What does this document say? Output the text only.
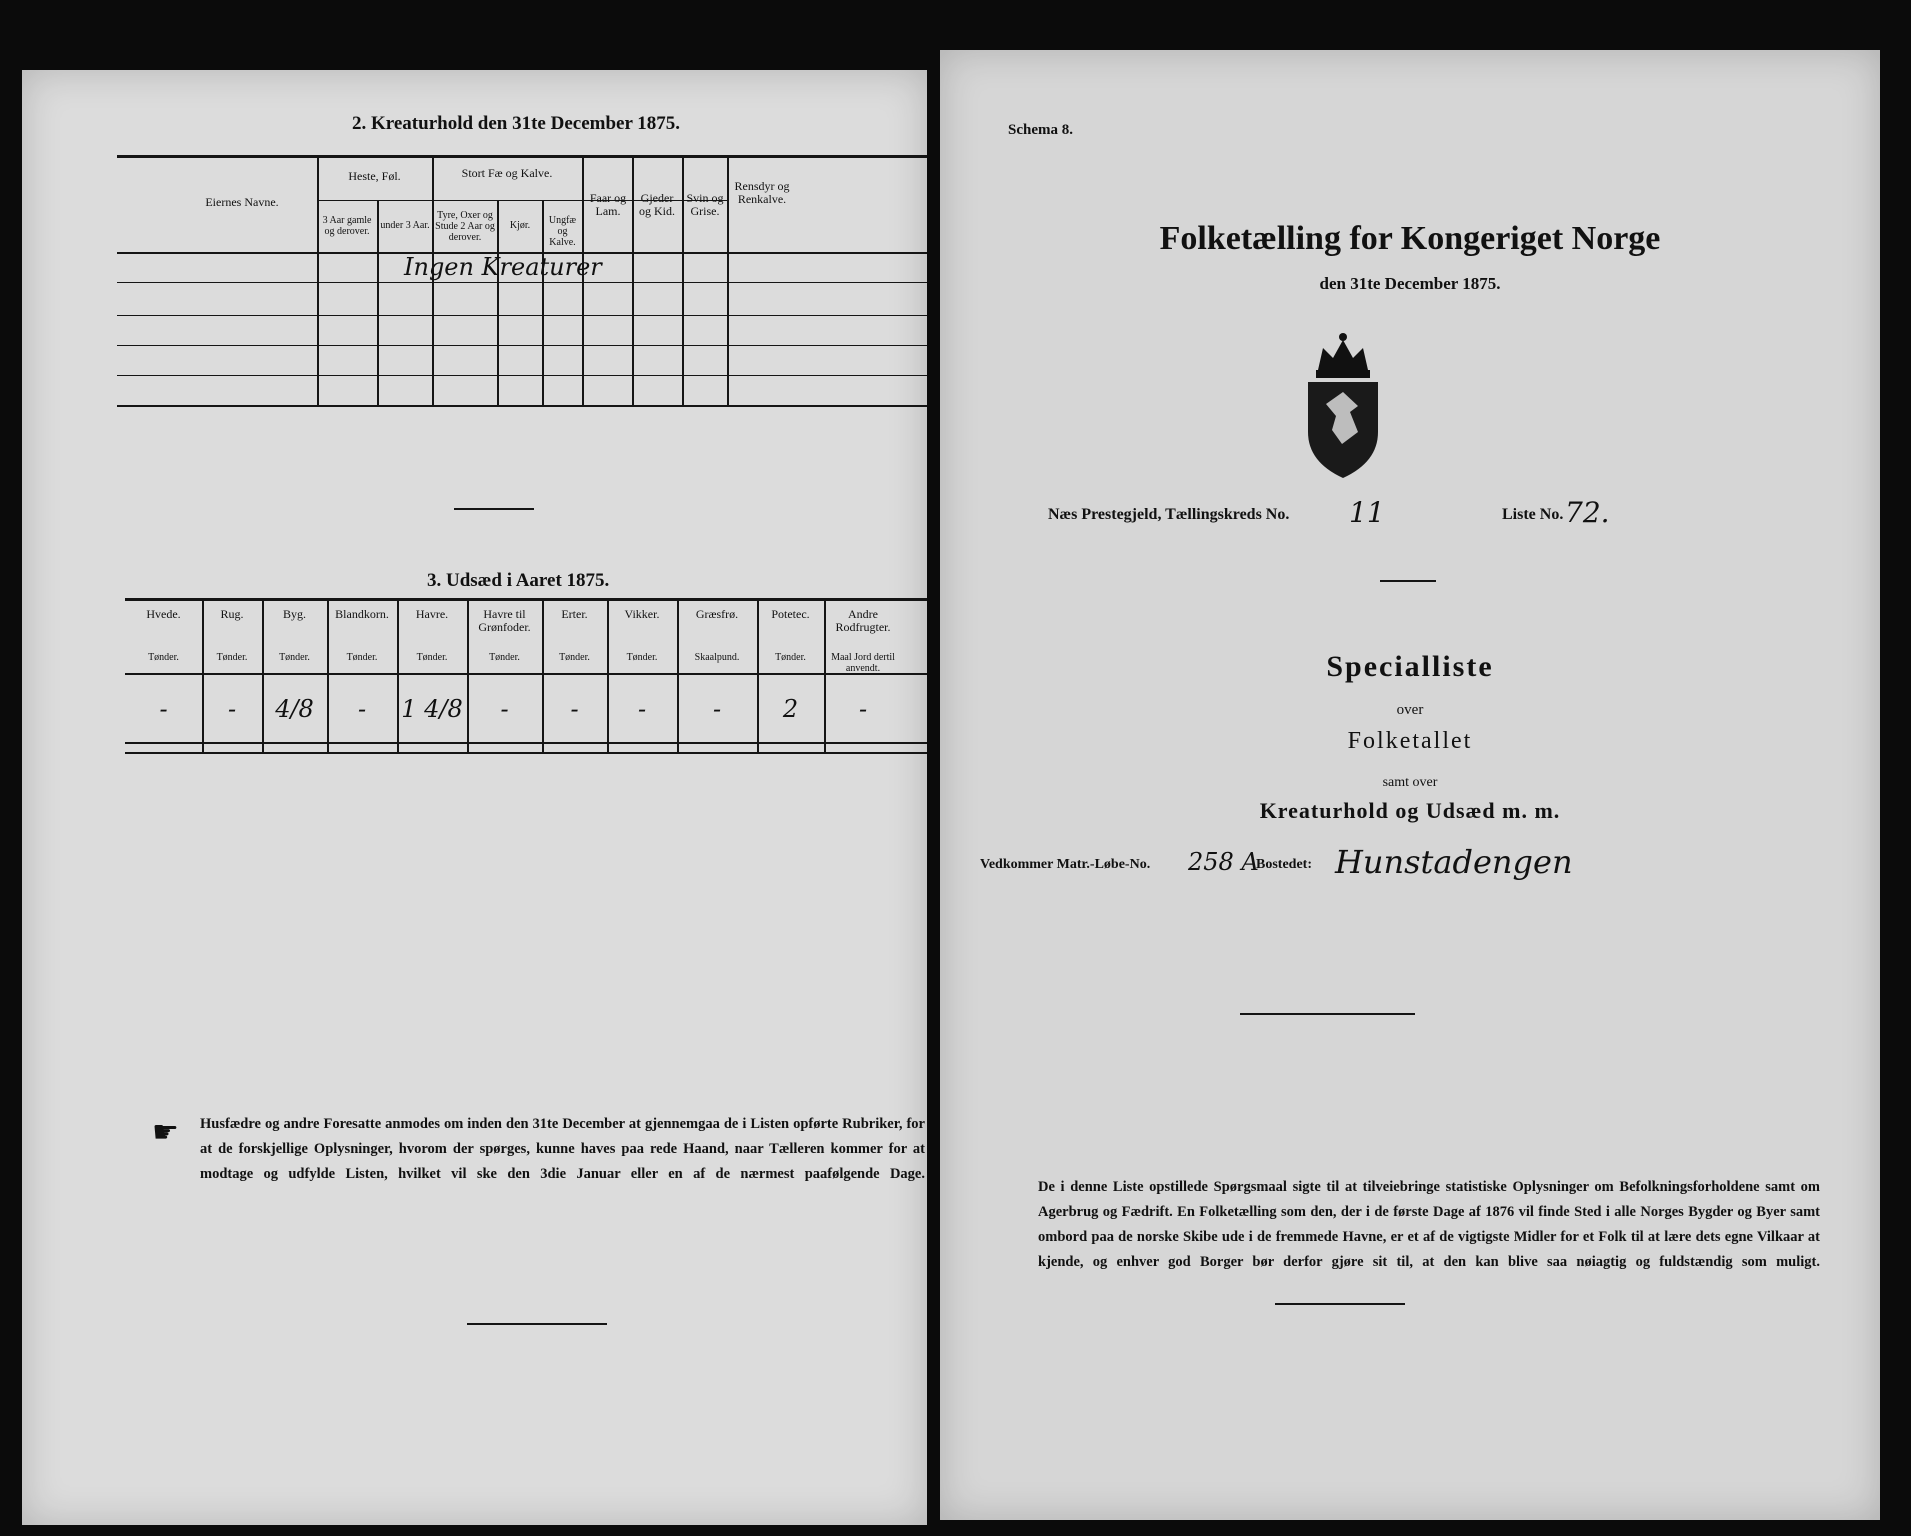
2. Kreaturhold den 31te December 1875.
Eiernes Navne.
Heste, Føl.
3 Aar gamle og derover.
under 3 Aar.
Stort Fæ og Kalve.
Tyre, Oxer og Stude 2 Aar og derover.
Kjør.	Ungfæ og Kalve.
Faar og Lam.
Gjeder og Kid.
Svin og Grise.
Rensdyr og Renkalve.
Ingen Kreaturer
3. Udsæd i Aaret 1875.
Hvede.
Tønder.
-
Rug.
Tønder.
-
Byg.
Tønder.
4/8
Blandkorn.
Tønder.
-
Havre.
Tønder.
1 4/8
Havre til Grønfoder.
Tønder.
-
Erter.
Tønder.
-
Vikker.
Tønder.
-
Græsfrø.
Skaalpund.
-
Potetec.
Tønder.
2
Andre Rodfrugter.
Maal Jord dertil anvendt.
-
☛ Husfædre og andre Foresatte anmodes om inden den 31te December at gjennemgaa de i Listen opførte Rubriker, for at de forskjellige Oplysninger, hvorom der spørges, kunne haves paa rede Haand, naar Tælleren kommer for at modtage og udfylde Listen, hvilket vil ske den 3die Januar eller en af de nærmest paafølgende Dage.
Schema 8.
Folketælling for Kongeriget Norge
den 31te December 1875.
Næs Prestegjeld, Tællingskreds No. 11	Liste No. 72.
Specialliste
over
Folketallet
samt over
Kreaturhold og Udsæd m. m.
Vedkommer Matr.-Løbe-No. 258 A
Bostedet: Hunstadengen
De i denne Liste opstillede Spørgsmaal sigte til at tilveiebringe statistiske Oplysninger om Befolkningsforholdene samt om Agerbrug og Fædrift. En Folketælling som den, der i de første Dage af 1876 vil finde Sted i alle Norges Bygder og Byer samt ombord paa de norske Skibe ude i de fremmede Havne, er et af de vigtigste Midler for et Folk til at lære dets egne Vilkaar at kjende, og enhver god Borger bør derfor gjøre sit til, at den kan blive saa nøiagtig og fuldstændig som muligt.
